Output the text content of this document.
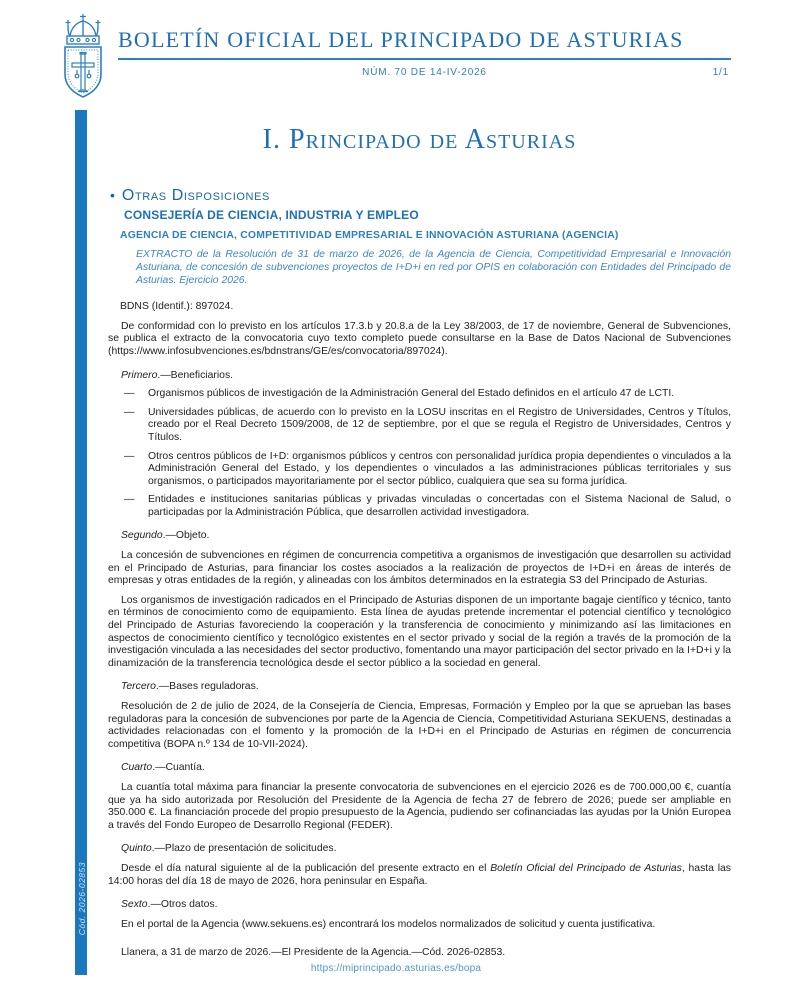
BOLETÍN OFICIAL DEL PRINCIPADO DE ASTURIAS
NÚM. 70 DE 14-IV-2026	1/1
Cód. 2026-02853
I. Principado de Asturias
• Otras Disposiciones
CONSEJERÍA DE CIENCIA, INDUSTRIA Y EMPLEO
AGENCIA DE CIENCIA, COMPETITIVIDAD EMPRESARIAL E INNOVACIÓN ASTURIANA (AGENCIA)

EXTRACTO de la Resolución de 31 de marzo de 2026, de la Agencia de Ciencia, Competitividad Empresarial e Innovación Asturiana, de concesión de subvenciones proyectos de I+D+i en red por OPIS en colaboración con Entidades del Principado de Asturias. Ejercicio 2026.

BDNS (Identif.): 897024.

De conformidad con lo previsto en los artículos 17.3.b y 20.8.a de la Ley 38/2003, de 17 de noviembre, General de Subvenciones, se publica el extracto de la convocatoria cuyo texto completo puede consultarse en la Base de Datos Nacional de Subvenciones (https://www.infosubvenciones.es/bdnstrans/GE/es/convocatoria/897024).

Primero.—Beneficiarios.

— Organismos públicos de investigación de la Administración General del Estado definidos en el artículo 47 de LCTI.
— Universidades públicas, de acuerdo con lo previsto en la LOSU inscritas en el Registro de Universidades, Centros y Títulos, creado por el Real Decreto 1509/2008, de 12 de septiembre, por el que se regula el Registro de Universidades, Centros y Títulos.
— Otros centros públicos de I+D: organismos públicos y centros con personalidad jurídica propia dependientes o vinculados a la Administración General del Estado, y los dependientes o vinculados a las administraciones públicas territoriales y sus organismos, o participados mayoritariamente por el sector público, cualquiera que sea su forma jurídica.
— Entidades e instituciones sanitarias públicas y privadas vinculadas o concertadas con el Sistema Nacional de Salud, o participadas por la Administración Pública, que desarrollen actividad investigadora.

Segundo.—Objeto.

La concesión de subvenciones en régimen de concurrencia competitiva a organismos de investigación que desarrollen su actividad en el Principado de Asturias, para financiar los costes asociados a la realización de proyectos de I+D+i en áreas de interés de empresas y otras entidades de la región, y alineadas con los ámbitos determinados en la estrategia S3 del Principado de Asturias.

Los organismos de investigación radicados en el Principado de Asturias disponen de un importante bagaje científico y técnico, tanto en términos de conocimiento como de equipamiento. Esta línea de ayudas pretende incrementar el potencial científico y tecnológico del Principado de Asturias favoreciendo la cooperación y la transferencia de conocimiento y minimizando así las limitaciones en aspectos de conocimiento científico y tecnológico existentes en el sector privado y social de la región a través de la promoción de la investigación vinculada a las necesidades del sector productivo, fomentando una mayor participación del sector privado en la I+D+i y la dinamización de la transferencia tecnológica desde el sector público a la sociedad en general.

Tercero.—Bases reguladoras.

Resolución de 2 de julio de 2024, de la Consejería de Ciencia, Empresas, Formación y Empleo por la que se aprueban las bases reguladoras para la concesión de subvenciones por parte de la Agencia de Ciencia, Competitividad Asturiana SEKUENS, destinadas a actividades relacionadas con el fomento y la promoción de la I+D+i en el Principado de Asturias en régimen de concurrencia competitiva (BOPA n.º 134 de 10-VII-2024).

Cuarto.—Cuantía.

La cuantía total máxima para financiar la presente convocatoria de subvenciones en el ejercicio 2026 es de 700.000,00 €, cuantía que ya ha sido autorizada por Resolución del Presidente de la Agencia de fecha 27 de febrero de 2026; puede ser ampliable en 350.000 €. La financiación procede del propio presupuesto de la Agencia, pudiendo ser cofinanciadas las ayudas por la Unión Europea a través del Fondo Europeo de Desarrollo Regional (FEDER).

Quinto.—Plazo de presentación de solicitudes.

Desde el día natural siguiente al de la publicación del presente extracto en el Boletín Oficial del Principado de Asturias, hasta las 14:00 horas del día 18 de mayo de 2026, hora peninsular en España.

Sexto.—Otros datos.

En el portal de la Agencia (www.sekuens.es) encontrará los modelos normalizados de solicitud y cuenta justificativa.

Llanera, a 31 de marzo de 2026.—El Presidente de la Agencia.—Cód. 2026-02853.

https://miprincipado.asturias.es/bopa
